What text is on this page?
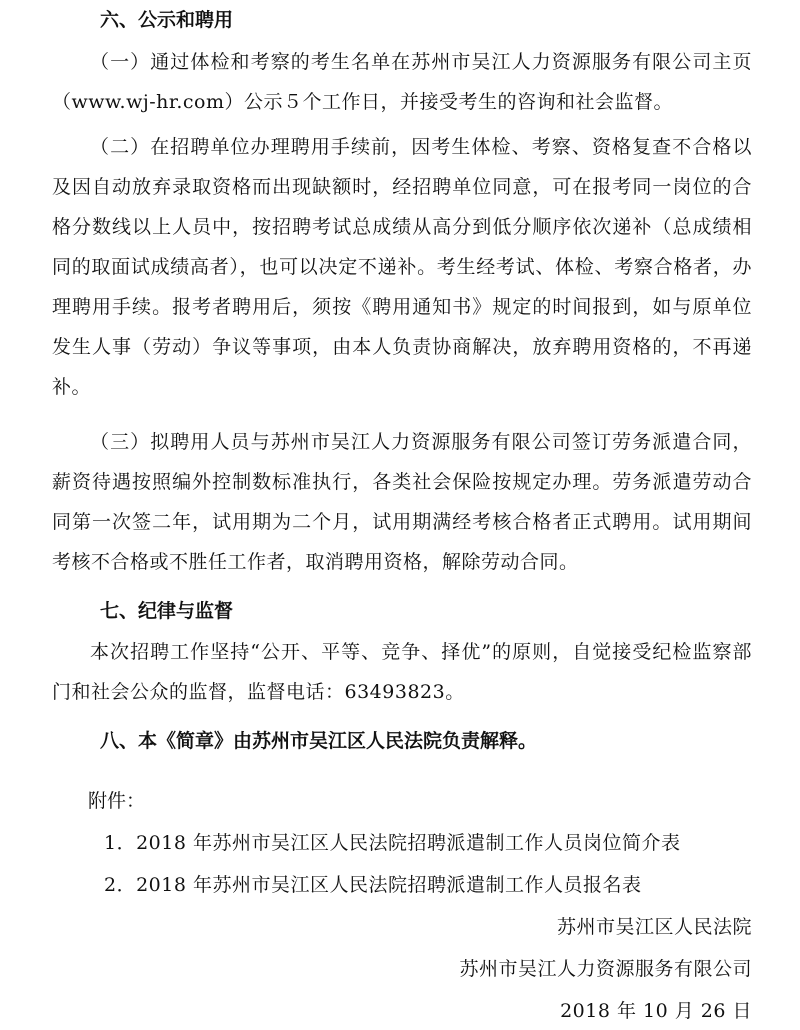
六、公示和聘用
（一）通过体检和考察的考生名单在苏州市吴江人力资源服务有限公司主页（www.wj-hr.com）公示５个工作日，并接受考生的咨询和社会监督。
（二）在招聘单位办理聘用手续前，因考生体检、考察、资格复查不合格以及因自动放弃录取资格而出现缺额时，经招聘单位同意，可在报考同一岗位的合格分数线以上人员中，按招聘考试总成绩从高分到低分顺序依次递补（总成绩相同的取面试成绩高者），也可以决定不递补。考生经考试、体检、考察合格者，办理聘用手续。报考者聘用后，须按《聘用通知书》规定的时间报到，如与原单位发生人事（劳动）争议等事项，由本人负责协商解决，放弃聘用资格的，不再递补。
（三）拟聘用人员与苏州市吴江人力资源服务有限公司签订劳务派遣合同，薪资待遇按照编外控制数标准执行，各类社会保险按规定办理。劳务派遣劳动合同第一次签二年，试用期为二个月，试用期满经考核合格者正式聘用。试用期间考核不合格或不胜任工作者，取消聘用资格，解除劳动合同。
七、纪律与监督
本次招聘工作坚持“公开、平等、竞争、择优”的原则，自觉接受纪检监察部门和社会公众的监督，监督电话：63493823。
八、本《简章》由苏州市吴江区人民法院负责解释。
附件：
1．2018 年苏州市吴江区人民法院招聘派遣制工作人员岗位简介表
2．2018 年苏州市吴江区人民法院招聘派遣制工作人员报名表
苏州市吴江区人民法院
苏州市吴江人力资源服务有限公司
2018 年 10 月 26 日
